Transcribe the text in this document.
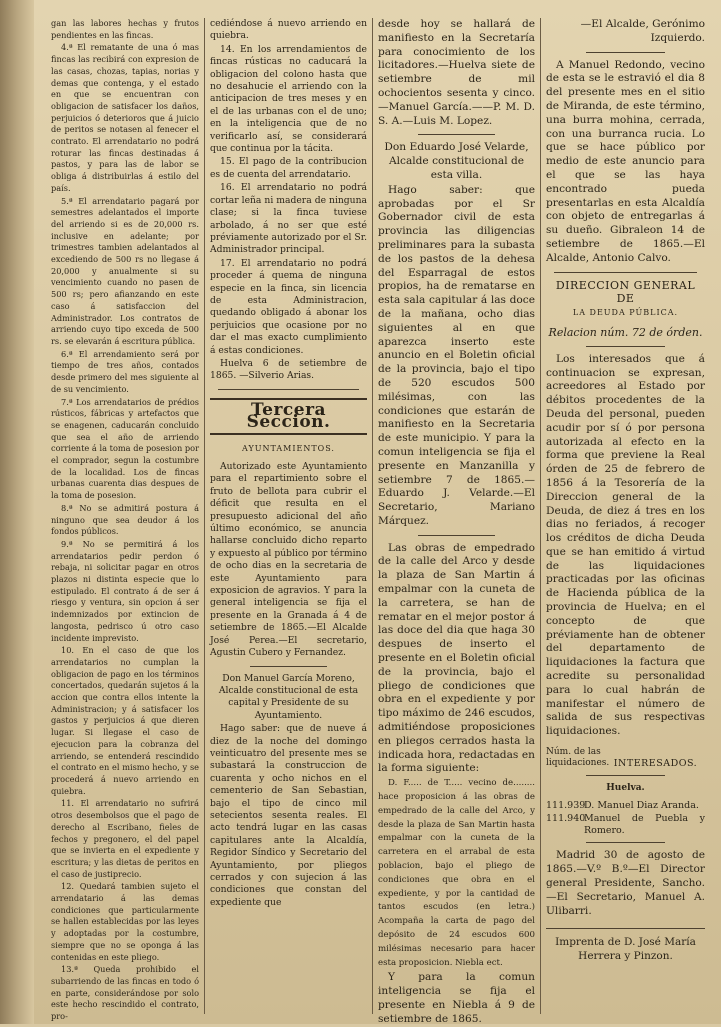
gan las labores hechas y frutos pendientes en las fincas.

4.ª El rematante de una ó mas fincas las recibirá con expresion de las casas, chozas, tapias, norias y demas que contenga, y el estado en que se encuentran con obligacion de satisfacer los daños, perjuicios ó deterioros que á juicio de peritos se notasen al fenecer el contrato. El arrendatario no podrá roturar las fincas destinadas á pastos, y para las de labor se obliga á distribuirlas á estilo del país.

5.ª El arrendatario pagará por semestres adelantados el importe del arriendo si es de 20,000 rs. inclusive en adelante; por trimestres tambien adelantados al excediendo de 500 rs no llegase á 20,000 y anualmente si su vencimiento cuando no pasen de 500 rs; pero afianzando en este caso á satisfaccion del Administrador. Los contratos de arriendo cuyo tipo exceda de 500 rs. se elevarán á escritura pública.

6.ª El arrendamiento será por tiempo de tres años, contados desde primero del mes siguiente al de su vencimiento.

7.ª Los arrendatarios de prédios rústicos, fábricas y artefactos que se enagenen, caducarán concluido que sea el año de arriendo corriente á la toma de posesion por el comprador, segun la costumbre de la localidad. Los de fincas urbanas cuarenta dias despues de la toma de posesion.

8.ª No se admitirá postura á ninguno que sea deudor á los fondos públicos.

9.ª No se permitirá á los arrendatarios pedir perdon ó rebaja, ni solicitar pagar en otros plazos ni distinta especie que lo estipulado. El contrato á de ser á riesgo y ventura, sin opcion á ser indemnizados por extincion de langosta, pedrisco ú otro caso incidente imprevisto.

10. En el caso de que los arrendatarios no cumplan la obligacion de pago en los términos concertados, quedarán sujetos á la accion que contra ellos intente la Administracion; y á satisfacer los gastos y perjuicios á que dieren lugar. Si llegase el caso de ejecucion para la cobranza del arriendo, se entenderá rescindido el contrato en el mismo hecho, y se procederá á nuevo arriendo en quiebra.

11. El arrendatario no sufrirá otros desembolsos que el pago de derecho al Escribano, fieles de fechos y pregonero, el del papel que se invierta en el expediente y escritura; y las dietas de peritos en el caso de justiprecio.

12. Quedará tambien sujeto el arrendatario á las demas condiciones que particularmente se hallen establecidas por las leyes y adoptadas por la costumbre, siempre que no se oponga á las contenidas en este pliego.

13.ª Queda prohibido el subarriendo de las fincas en todo ó en parte, considerándose por solo este hecho rescindido el contrato, pro-

cediéndose á nuevo arriendo en quiebra.

14. En los arrendamientos de fincas rústicas no caducará la obligacion del colono hasta que no desahucie el arriendo con la anticipacion de tres meses y en el de las urbanas con el de uno; en la inteligencia que de no verificarlo así, se considerará que continua por la tácita.

15. El pago de la contribucion es de cuenta del arrendatario.

16. El arrendatario no podrá cortar leña ni madera de ninguna clase; si la finca tuviese arbolado, á no ser que esté préviamente autorizado por el Sr. Administrador principal.

17. El arrendatario no podrá proceder á quema de ninguna especie en la finca, sin licencia de esta Administracion, quedando obligado á abonar los perjuicios que ocasione por no dar el mas exacto cumplimiento á estas condiciones.

Huelva 6 de setiembre de 1865. —Silverio Arias.

Tercera Seccion.
AYUNTAMIENTOS.

Autorizado este Ayuntamiento para el repartimiento sobre el fruto de bellota para cubrir el déficit que resulta en el presupuesto adicional del año último económico, se anuncia hallarse concluido dicho reparto y expuesto al público por término de ocho dias en la secretaria de este Ayuntamiento para exposicion de agravios. Y para la general inteligencia se fija el presente en la Granada á 4 de setiembre de 1865.—El Alcalde José Perea.—El secretario, Agustin Cubero y Fernandez.

Don Manuel García Moreno, Alcalde constitucional de esta capital y Presidente de su Ayuntamiento.

Hago saber: que de nueve á diez de la noche del domingo veinticuatro del presente mes se subastará la construccion de cuarenta y ocho nichos en el cementerio de San Sebastian, bajo el tipo de cinco mil setecientos sesenta reales. El acto tendrá lugar en las casas capitulares ante la Alcaldía, Regidor Síndico y Secretario del Ayuntamiento, por pliegos cerrados y con sujecion á las condiciones que constan del expediente que

desde hoy se hallará de manifiesto en la Secretaría para conocimiento de los licitadores.—Huelva siete de setiembre de mil ochocientos sesenta y cinco.—Manuel García.——P. M. D. S. A.—Luis M. Lopez.

Don Eduardo José Velarde, Alcalde constitucional de esta villa.

Hago saber: que aprobadas por el Sr Gobernador civil de esta provincia las diligencias preliminares para la subasta de los pastos de la dehesa del Esparragal de estos propios, ha de rematarse en esta sala capitular á las doce de la mañana, ocho dias siguientes al en que aparezca inserto este anuncio en el Boletin oficial de la provincia, bajo el tipo de 520 escudos 500 milésimas, con las condiciones que estarán de manifiesto en la Secretaria de este municipio. Y para la comun inteligencia se fija el presente en Manzanilla y setiembre 7 de 1865.—Eduardo J. Velarde.—El Secretario, Mariano Márquez.

Las obras de empedrado de la calle del Arco y desde la plaza de San Martin á empalmar con la cuneta de la carretera, se han de rematar en el mejor postor á las doce del dia que haga 30 despues de inserto el presente en el Boletin oficial de la provincia, bajo el pliego de condiciones que obra en el expediente y por tipo máximo de 246 escudos, admitiéndose proposiciones en pliegos cerrados hasta la indicada hora, redactadas en la forma siguiente:

D. F..... de T..... vecino de........ hace proposicion á las obras de empedrado de la calle del Arco, y desde la plaza de San Martin hasta empalmar con la cuneta de la carretera en el arrabal de esta poblacion, bajo el pliego de condiciones que obra en el expediente, y por la cantidad de tantos escudos (en letra.) Acompaña la carta de pago del depósito de 24 escudos 600 milésimas necesario para hacer esta proposicion. Niebla ect.

Y para la comun inteligencia se fija el presente en Niebla á 9 de setiembre de 1865.

—El Alcalde, Gerónimo Izquierdo.

A Manuel Redondo, vecino de esta se le estravió el dia 8 del presente mes en el sitio de Miranda, de este término, una burra mohina, cerrada, con una burranca rucia. Lo que se hace público por medio de este anuncio para el que se las haya encontrado pueda presentarlas en esta Alcaldía con objeto de entregarlas á su dueño. Gibraleon 14 de setiembre de 1865.—El Alcalde, Antonio Calvo.

DIRECCION GENERAL DE
LA DEUDA PÚBLICA.
Relacion núm. 72 de órden.

Los interesados que á continuacion se expresan, acreedores al Estado por débitos procedentes de la Deuda del personal, pueden acudir por sí ó por persona autorizada al efecto en la forma que previene la Real órden de 25 de febrero de 1856 á la Tesorería de la Direccion general de la Deuda, de diez á tres en los dias no feriados, á recoger los créditos de dicha Deuda que se han emitido á virtud de las liquidaciones practicadas por las oficinas de Hacienda pública de la provincia de Huelva; en el concepto de que préviamente han de obtener del departamento de liquidaciones la factura que acredite su personalidad para lo cual habrán de manifestar el número de salida de sus respectivas liquidaciones.

Núm. de las liquidaciones. INTERESADOS.
Huelva.
111.939
D. Manuel Diaz Aranda.
111.940
Manuel de Puebla y Romero.

Madrid 30 de agosto de 1865.—V.º B.º—El Director general Presidente, Sancho.—El Secretario, Manuel A. Ulibarri.

Imprenta de D. José María Herrera y Pinzon.
